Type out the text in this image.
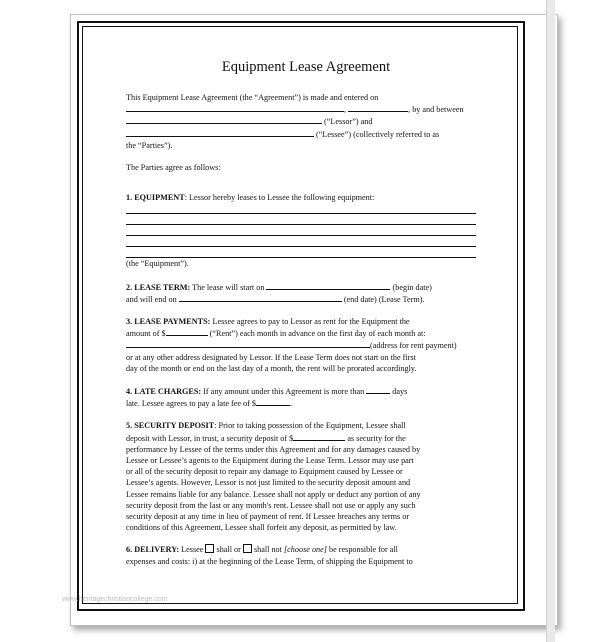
Equipment Lease Agreement

This Equipment Lease Agreement (the “Agreement”) is made and entered on

,	, by and between

(“Lessor”) and

(“Lessee”) (collectively referred to as

the “Parties”).

The Parties agree as follows:

1. EQUIPMENT: Lessor hereby leases to Lessee the following equipment:

(the “Equipment”).

2. LEASE TERM: The lease will start on	(begin date)

and will end on	(end date) (Lease Term).

3. LEASE PAYMENTS: Lessee agrees to pay to Lessor as rent for the Equipment the

amount of $	(“Rent”) each month in advance on the first day of each month at:

(address for rent payment)

or at any other address designated by Lessor. If the Lease Term does not start on the first

day of the month or end on the last day of a month, the rent will be prorated accordingly.

4. LATE CHARGES: If any amount under this Agreement is more than	days

late. Lessee agrees to pay a late fee of $	.

5. SECURITY DEPOSIT: Prior to taking possession of the Equipment, Lessee shall

deposit with Lessor, in trust, a security deposit of $	as security for the

performance by Lessee of the terms under this Agreement and for any damages caused by

Lessee or Lessee’s agents to the Equipment during the Lease Term. Lessor may use part

or all of the security deposit to repair any damage to Equipment caused by Lessee or

Lessee’s agents. However, Lessor is not just limited to the security deposit amount and

Lessee remains liable for any balance. Lessee shall not apply or deduct any portion of any

security deposit from the last or any month's rent. Lessee shall not use or apply any such

security deposit at any time in lieu of payment of rent. If Lessee breaches any terms or

conditions of this Agreement, Lessee shall forfeit any deposit, as permitted by law.

6. DELIVERY: Lessee  shall or  shall not [choose one] be responsible for all

expenses and costs: i) at the beginning of the Lease Term, of shipping the Equipment to

www.heritagechristiancollege.com
